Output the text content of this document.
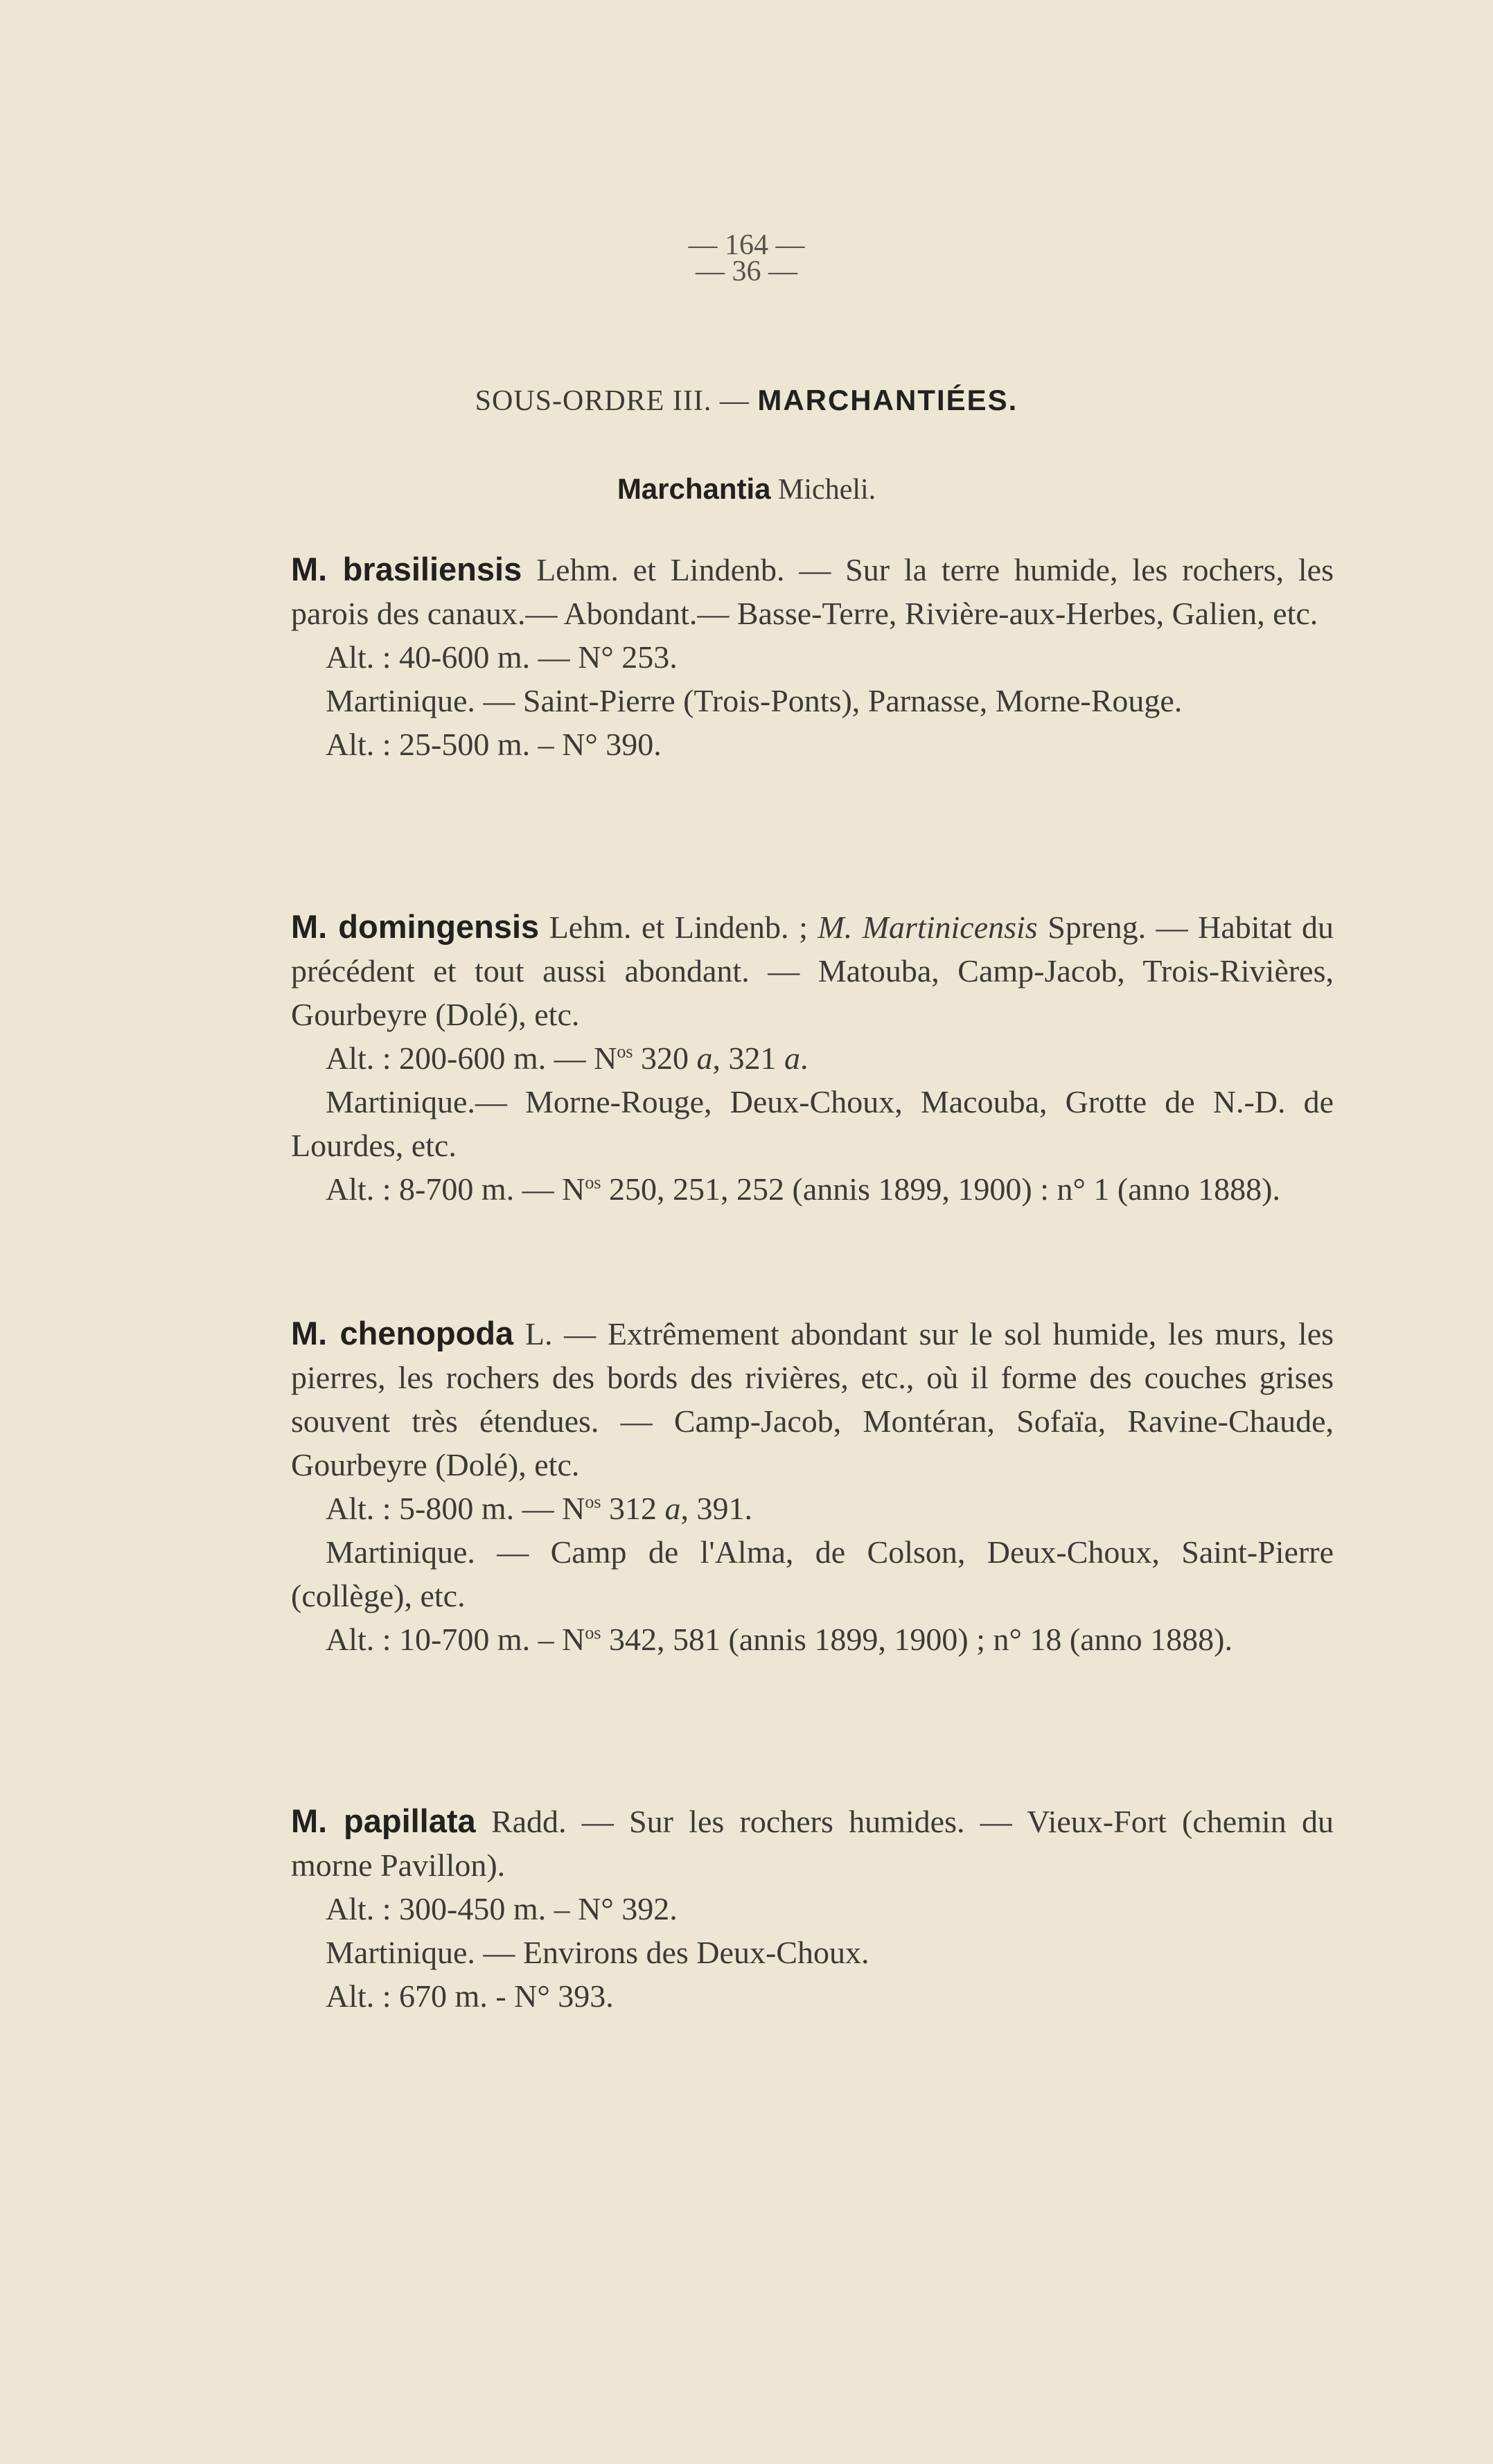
— 164 —
— 36 —
SOUS-ORDRE III. — MARCHANTIÉES.
Marchantia Micheli.

M. brasiliensis Lehm. et Lindenb. — Sur la terre humide, les rochers, les parois des canaux.— Abondant.— Basse-Terre, Rivière-aux-Herbes, Galien, etc.

Alt. : 40-600 m. — N° 253.

Martinique. — Saint-Pierre (Trois-Ponts), Parnasse, Morne-Rouge.

Alt. : 25-500 m. – N° 390.

M. domingensis Lehm. et Lindenb. ; M. Martinicensis Spreng. — Habitat du précédent et tout aussi abondant. — Matouba, Camp-Jacob, Trois-Rivières, Gourbeyre (Dolé), etc.

Alt. : 200-600 m. — $N^{os}$ 320 a, 321 a.

Martinique.— Morne-Rouge, Deux-Choux, Macouba, Grotte de N.-D. de Lourdes, etc.

Alt. : 8-700 m. — $N^{os}$ 250, 251, 252 (annis 1899, 1900) : n° 1 (anno 1888).

M. chenopoda L. — Extrêmement abondant sur le sol humide, les murs, les pierres, les rochers des bords des rivières, etc., où il forme des couches grises souvent très étendues. — Camp-Jacob, Montéran, Sofaïa, Ravine-Chaude, Gourbeyre (Dolé), etc.

Alt. : 5-800 m. — $N^{os}$ 312 a, 391.

Martinique. — Camp de l'Alma, de Colson, Deux-Choux, Saint-Pierre (collège), etc.

Alt. : 10-700 m. – $N^{os}$ 342, 581 (annis 1899, 1900) ; n° 18 (anno 1888).

M. papillata Radd. — Sur les rochers humides. — Vieux-Fort (chemin du morne Pavillon).

Alt. : 300-450 m. – N° 392.

Martinique. — Environs des Deux-Choux.

Alt. : 670 m. - N° 393.
